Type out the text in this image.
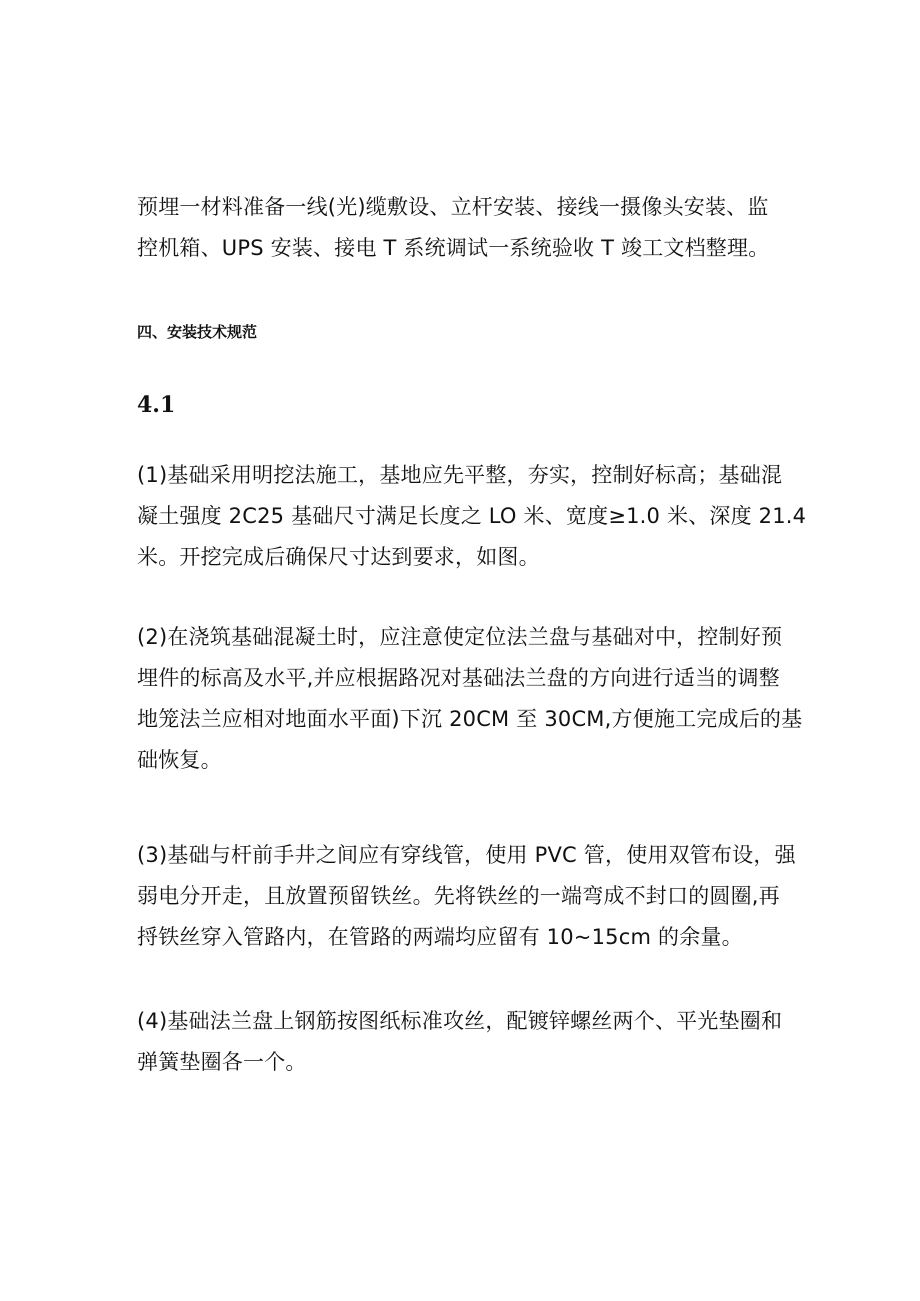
预埋一材料准备一线(光)缆敷设、立杆安装、接线一摄像头安装、监
控机箱、UPS 安装、接电 T 系统调试一系统验收 T 竣工文档整理。

四、安装技术规范
4.1

(1)基础采用明挖法施工，基地应先平整，夯实，控制好标高；基础混
凝土强度 2C25 基础尺寸满足长度之 LO 米、宽度≥1.0 米、深度 21.4
米。开挖完成后确保尺寸达到要求，如图。

(2)在浇筑基础混凝土时，应注意使定位法兰盘与基础对中，控制好预
埋件的标高及水平,并应根据路况对基础法兰盘的方向进行适当的调整
地笼法兰应相对地面水平面)下沉 20CM 至 30CM,方便施工完成后的基
础恢复。

(3)基础与杆前手井之间应有穿线管，使用 PVC 管，使用双管布设，强
弱电分开走，且放置预留铁丝。先将铁丝的一端弯成不封口的圆圈,再
捋铁丝穿入管路内，在管路的两端均应留有 10~15cm 的余量。

(4)基础法兰盘上钢筋按图纸标准攻丝，配镀锌螺丝两个、平光垫圈和
弹簧垫圈各一个。
